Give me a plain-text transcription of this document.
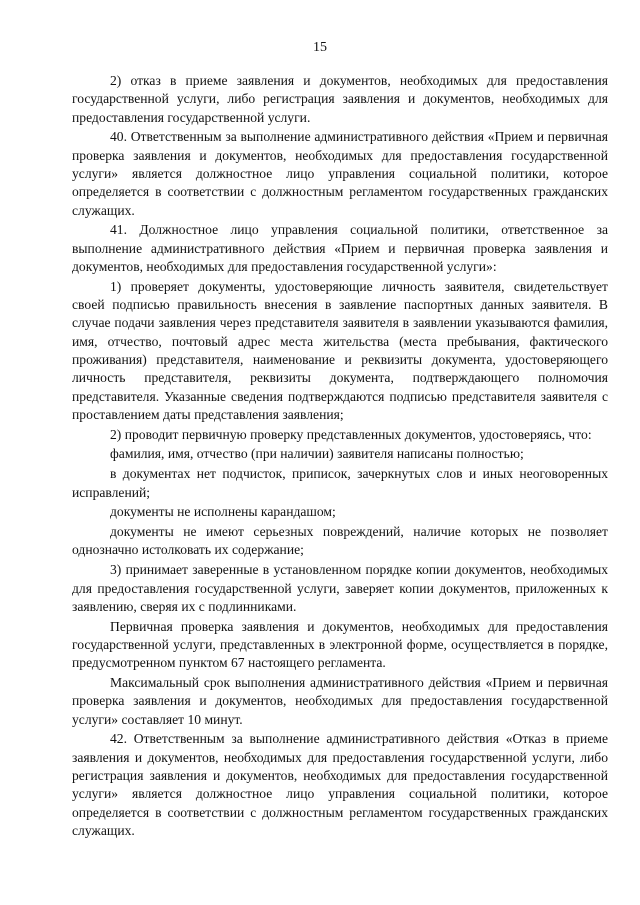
15

2) отказ в приеме заявления и документов, необходимых для предоставления государственной услуги, либо регистрация заявления и документов, необходимых для предоставления государственной услуги.

40. Ответственным за выполнение административного действия «Прием и первичная проверка заявления и документов, необходимых для предоставления государственной услуги» является должностное лицо управления социальной политики, которое определяется в соответствии с должностным регламентом государственных гражданских служащих.

41. Должностное лицо управления социальной политики, ответственное за выполнение административного действия «Прием и первичная проверка заявления и документов, необходимых для предоставления государственной услуги»:

1) проверяет документы, удостоверяющие личность заявителя, свидетельствует своей подписью правильность внесения в заявление паспортных данных заявителя. В случае подачи заявления через представителя заявителя в заявлении указываются фамилия, имя, отчество, почтовый адрес места жительства (места пребывания, фактического проживания) представителя, наименование и реквизиты документа, удостоверяющего личность представителя, реквизиты документа, подтверждающего полномочия представителя. Указанные сведения подтверждаются подписью представителя заявителя с проставлением даты представления заявления;

2) проводит первичную проверку представленных документов, удостоверяясь, что:

фамилия, имя, отчество (при наличии) заявителя написаны полностью;

в документах нет подчисток, приписок, зачеркнутых слов и иных неоговоренных исправлений;

документы не исполнены карандашом;

документы не имеют серьезных повреждений, наличие которых не позволяет однозначно истолковать их содержание;

3) принимает заверенные в установленном порядке копии документов, необходимых для предоставления государственной услуги, заверяет копии документов, приложенных к заявлению, сверяя их с подлинниками.

Первичная проверка заявления и документов, необходимых для предоставления государственной услуги, представленных в электронной форме, осуществляется в порядке, предусмотренном пунктом 67 настоящего регламента.

Максимальный срок выполнения административного действия «Прием и первичная проверка заявления и документов, необходимых для предоставления государственной услуги» составляет 10 минут.

42. Ответственным за выполнение административного действия «Отказ в приеме заявления и документов, необходимых для предоставления государственной услуги, либо регистрация заявления и документов, необходимых для предоставления государственной услуги» является должностное лицо управления социальной политики, которое определяется в соответствии с должностным регламентом государственных гражданских служащих.
